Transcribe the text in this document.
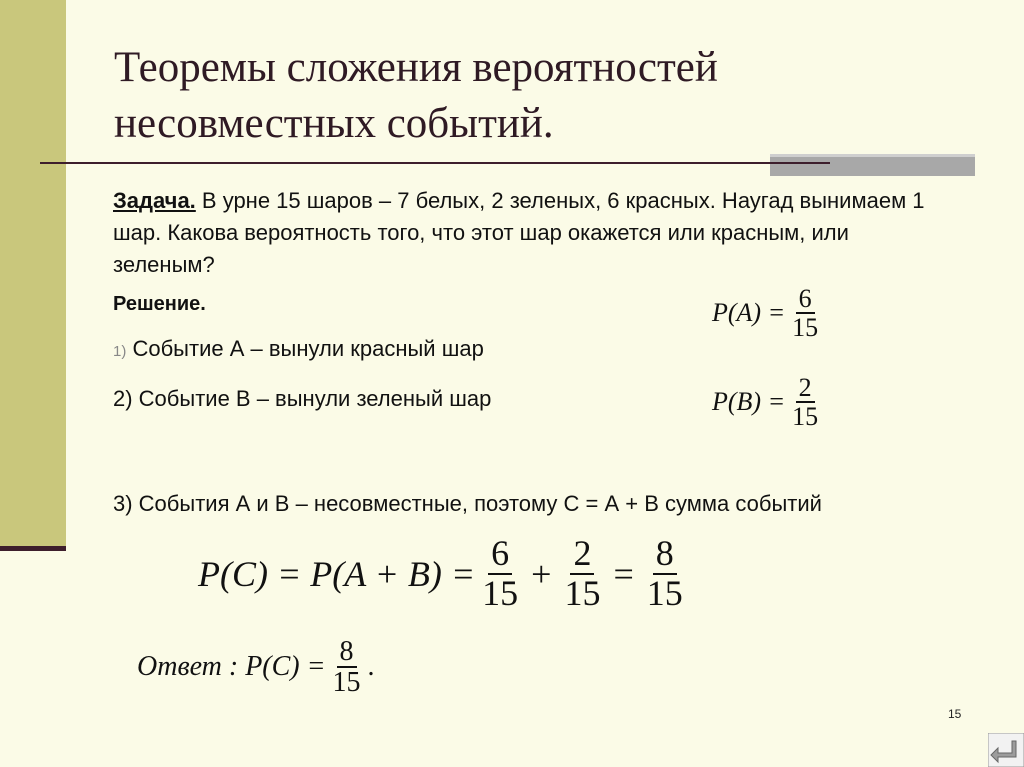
Теоремы сложения вероятностей несовместных событий.
Задача. В урне 15 шаров – 7 белых, 2 зеленых, 6 красных. Наугад вынимаем 1 шар. Какова вероятность того, что этот шар окажется или красным, или зеленым?
Решение.
1) Событие А – вынули красный шар
2) Событие В – вынули зеленый шар
3) События А и В – несовместные, поэтому С = А + В сумма событий
$P(A) = \frac{6}{15}$
$P(B) = \frac{2}{15}$
$P(C) = P(A + B) = \frac{6}{15} + \frac{2}{15} = \frac{8}{15}$
Ответ : $P(C) = \frac{8}{15}$ .
15
